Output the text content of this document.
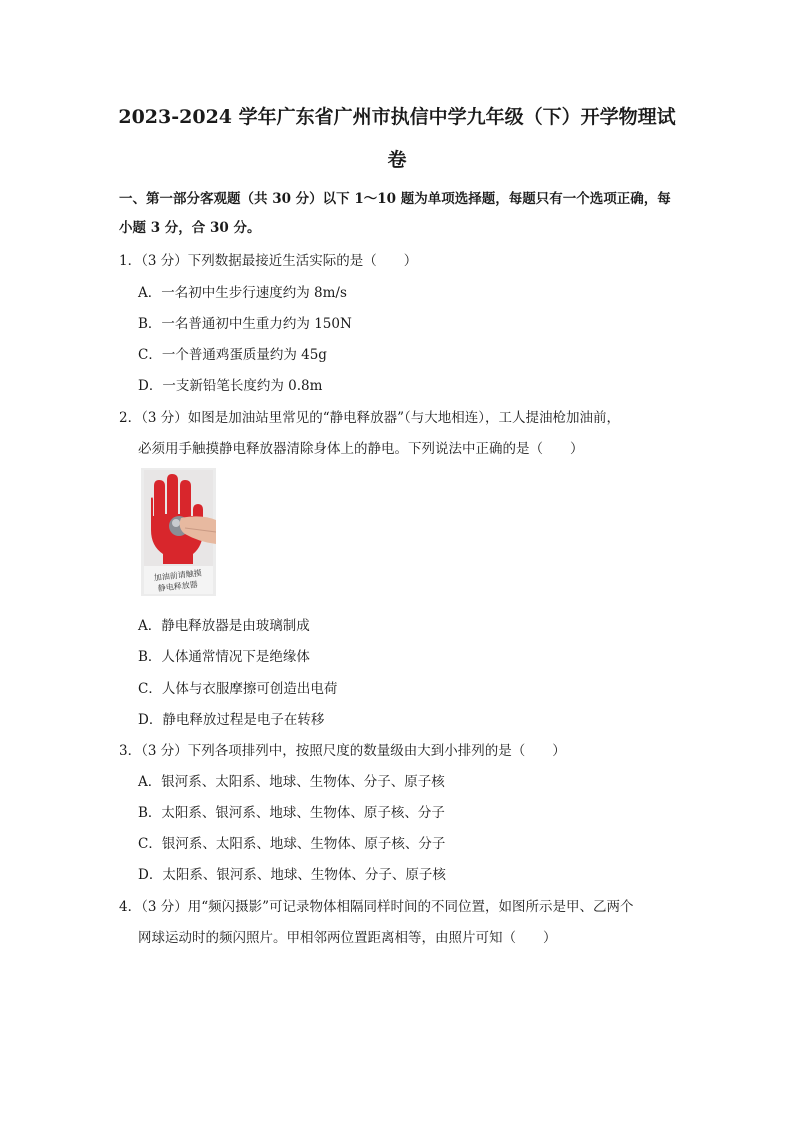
2023-2024 学年广东省广州市执信中学九年级（下）开学物理试
卷
一、第一部分客观题（共 30 分）以下 1～10 题为单项选择题，每题只有一个选项正确，每
小题 3 分，合 30 分。
1．（3 分）下列数据最接近生活实际的是（　　）
A．一名初中生步行速度约为 8m/s
B．一名普通初中生重力约为 150N
C．一个普通鸡蛋质量约为 45g
D．一支新铅笔长度约为 0.8m
2．（3 分）如图是加油站里常见的“静电释放器”（与大地相连），工人提油枪加油前，
必须用手触摸静电释放器清除身体上的静电。下列说法中正确的是（　　）
加油前请触摸
静电释放器
A．静电释放器是由玻璃制成
B．人体通常情况下是绝缘体
C．人体与衣服摩擦可创造出电荷
D．静电释放过程是电子在转移
3．（3 分）下列各项排列中，按照尺度的数量级由大到小排列的是（　　）
A．银河系、太阳系、地球、生物体、分子、原子核
B．太阳系、银河系、地球、生物体、原子核、分子
C．银河系、太阳系、地球、生物体、原子核、分子
D．太阳系、银河系、地球、生物体、分子、原子核
4．（3 分）用“频闪摄影”可记录物体相隔同样时间的不同位置，如图所示是甲、乙两个
网球运动时的频闪照片。甲相邻两位置距离相等，由照片可知（　　）
